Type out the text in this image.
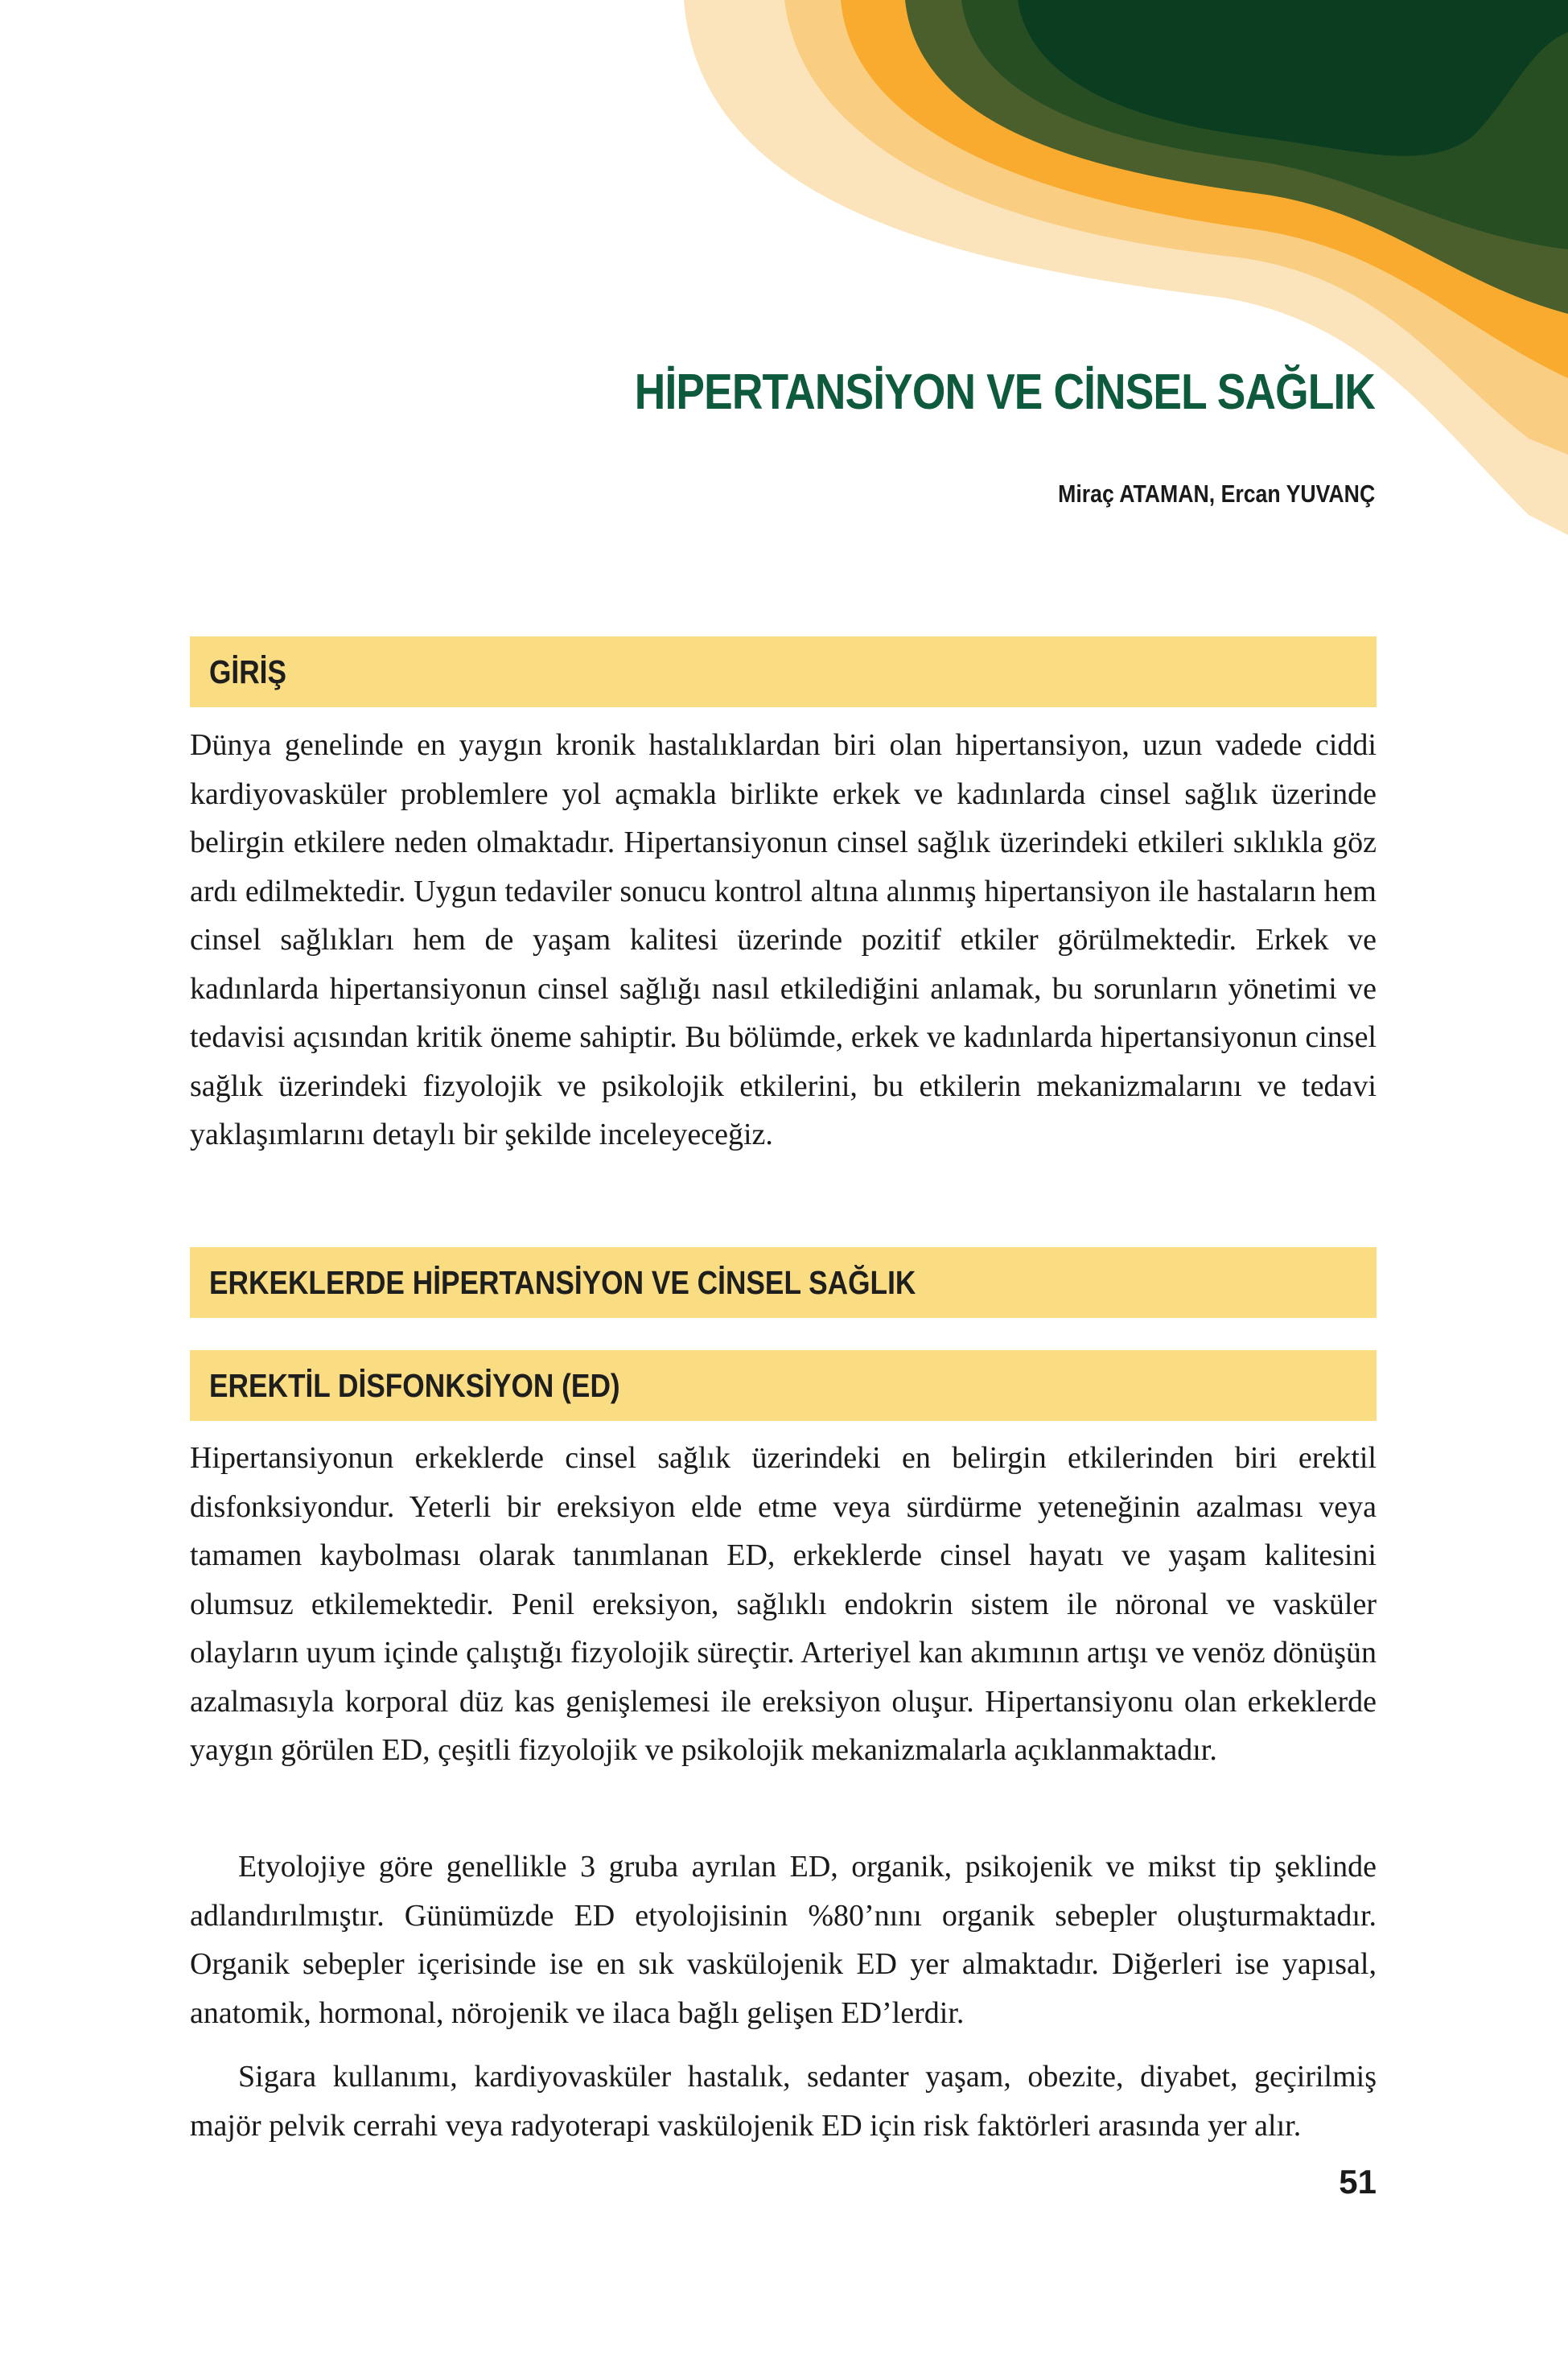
HİPERTANSİYON VE CİNSEL SAĞLIK

Miraç ATAMAN, Ercan YUVANÇ

GİRİŞ

Dünya genelinde en yaygın kronik hastalıklardan biri olan hipertansiyon, uzun vadede ciddi kardiyovasküler problemlere yol açmakla birlikte erkek ve kadınlarda cinsel sağlık üzerinde belirgin etkilere neden olmaktadır. Hipertansiyonun cinsel sağlık üzerindeki etkileri sıklıkla göz ardı edilmektedir. Uygun tedaviler sonucu kontrol altına alınmış hipertansiyon ile hastaların hem cinsel sağlıkları hem de yaşam kalitesi üzerinde pozitif etkiler görülmektedir. Erkek ve kadınlarda hipertansiyonun cinsel sağlığı nasıl etkilediğini anlamak, bu sorunların yönetimi ve tedavisi açısından kritik öneme sahiptir. Bu bölümde, erkek ve kadınlarda hipertansiyonun cinsel sağlık üzerindeki fizyolojik ve psikolojik etkilerini, bu etkilerin mekanizmalarını ve tedavi yaklaşımlarını detaylı bir şekilde inceleyeceğiz.

ERKEKLERDE HİPERTANSİYON VE CİNSEL SAĞLIK
EREKTİL DİSFONKSİYON (ED)

Hipertansiyonun erkeklerde cinsel sağlık üzerindeki en belirgin etkilerinden biri erektil disfonksiyondur. Yeterli bir ereksiyon elde etme veya sürdürme yeteneğinin azalması veya tamamen kaybolması olarak tanımlanan ED, erkeklerde cinsel hayatı ve yaşam kalitesini olumsuz etkilemektedir. Penil ereksiyon, sağlıklı endokrin sistem ile nöronal ve vasküler olayların uyum içinde çalıştığı fizyolojik süreçtir. Arteriyel kan akımının artışı ve venöz dönüşün azalmasıyla korporal düz kas genişlemesi ile ereksiyon oluşur. Hipertansiyonu olan erkeklerde yaygın görülen ED, çeşitli fizyolojik ve psikolojik mekanizmalarla açıklanmaktadır.

Etyolojiye göre genellikle 3 gruba ayrılan ED, organik, psikojenik ve mikst tip şeklinde adlandırılmıştır. Günümüzde ED etyolojisinin %80’nını organik sebepler oluşturmaktadır. Organik sebepler içerisinde ise en sık vaskülojenik ED yer almaktadır. Diğerleri ise yapısal, anatomik, hormonal, nörojenik ve ilaca bağlı gelişen ED’lerdir.

Sigara kullanımı, kardiyovasküler hastalık, sedanter yaşam, obezite, diyabet, geçirilmiş majör pelvik cerrahi veya radyoterapi vaskülojenik ED için risk faktörleri arasında yer alır.

51
